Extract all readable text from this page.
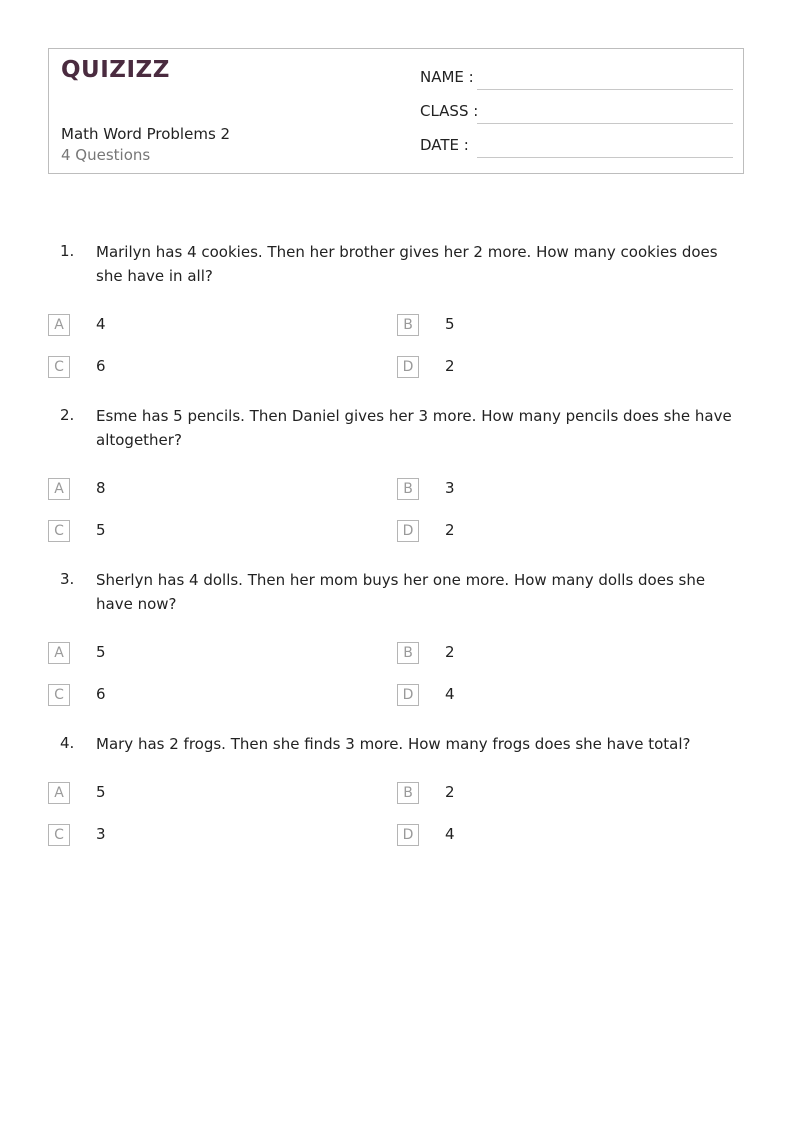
QUIZIZZ
Math Word Problems 2
4 Questions
NAME :
CLASS :
DATE :
1. Marilyn has 4 cookies. Then her brother gives her 2 more. How many cookies does she have in all?
A	4	B	5
C	6	D	2
2. Esme has 5 pencils. Then Daniel gives her 3 more. How many pencils does she have altogether?
A	8	B	3
C	5	D	2
3. Sherlyn has 4 dolls. Then her mom buys her one more. How many dolls does she have now?
A	5	B	2
C	6	D	4
4. Mary has 2 frogs. Then she finds 3 more. How many frogs does she have total?
A	5	B	2
C	3	D	4
